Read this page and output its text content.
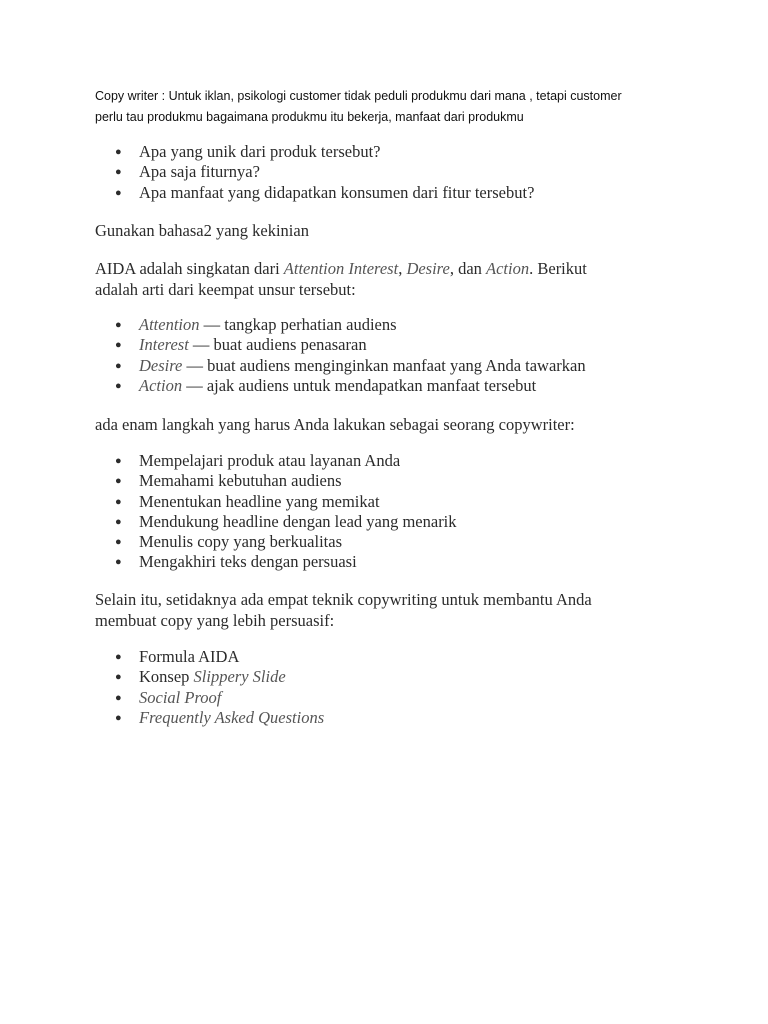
Copy writer : Untuk iklan, psikologi customer tidak peduli produkmu dari mana , tetapi customer
perlu tau produkmu bagaimana produkmu itu bekerja, manfaat dari produkmu
● Apa yang unik dari produk tersebut?
● Apa saja fiturnya?
● Apa manfaat yang didapatkan konsumen dari fitur tersebut?
Gunakan bahasa2 yang kekinian
AIDA adalah singkatan dari Attention Interest, Desire, dan Action. Berikut
adalah arti dari keempat unsur tersebut:
● Attention — tangkap perhatian audiens
● Interest — buat audiens penasaran
● Desire — buat audiens menginginkan manfaat yang Anda tawarkan
● Action — ajak audiens untuk mendapatkan manfaat tersebut
ada enam langkah yang harus Anda lakukan sebagai seorang copywriter:
● Mempelajari produk atau layanan Anda
● Memahami kebutuhan audiens
● Menentukan headline yang memikat
● Mendukung headline dengan lead yang menarik
● Menulis copy yang berkualitas
● Mengakhiri teks dengan persuasi
Selain itu, setidaknya ada empat teknik copywriting untuk membantu Anda
membuat copy yang lebih persuasif:
● Formula AIDA
● Konsep Slippery Slide
● Social Proof
● Frequently Asked Questions
